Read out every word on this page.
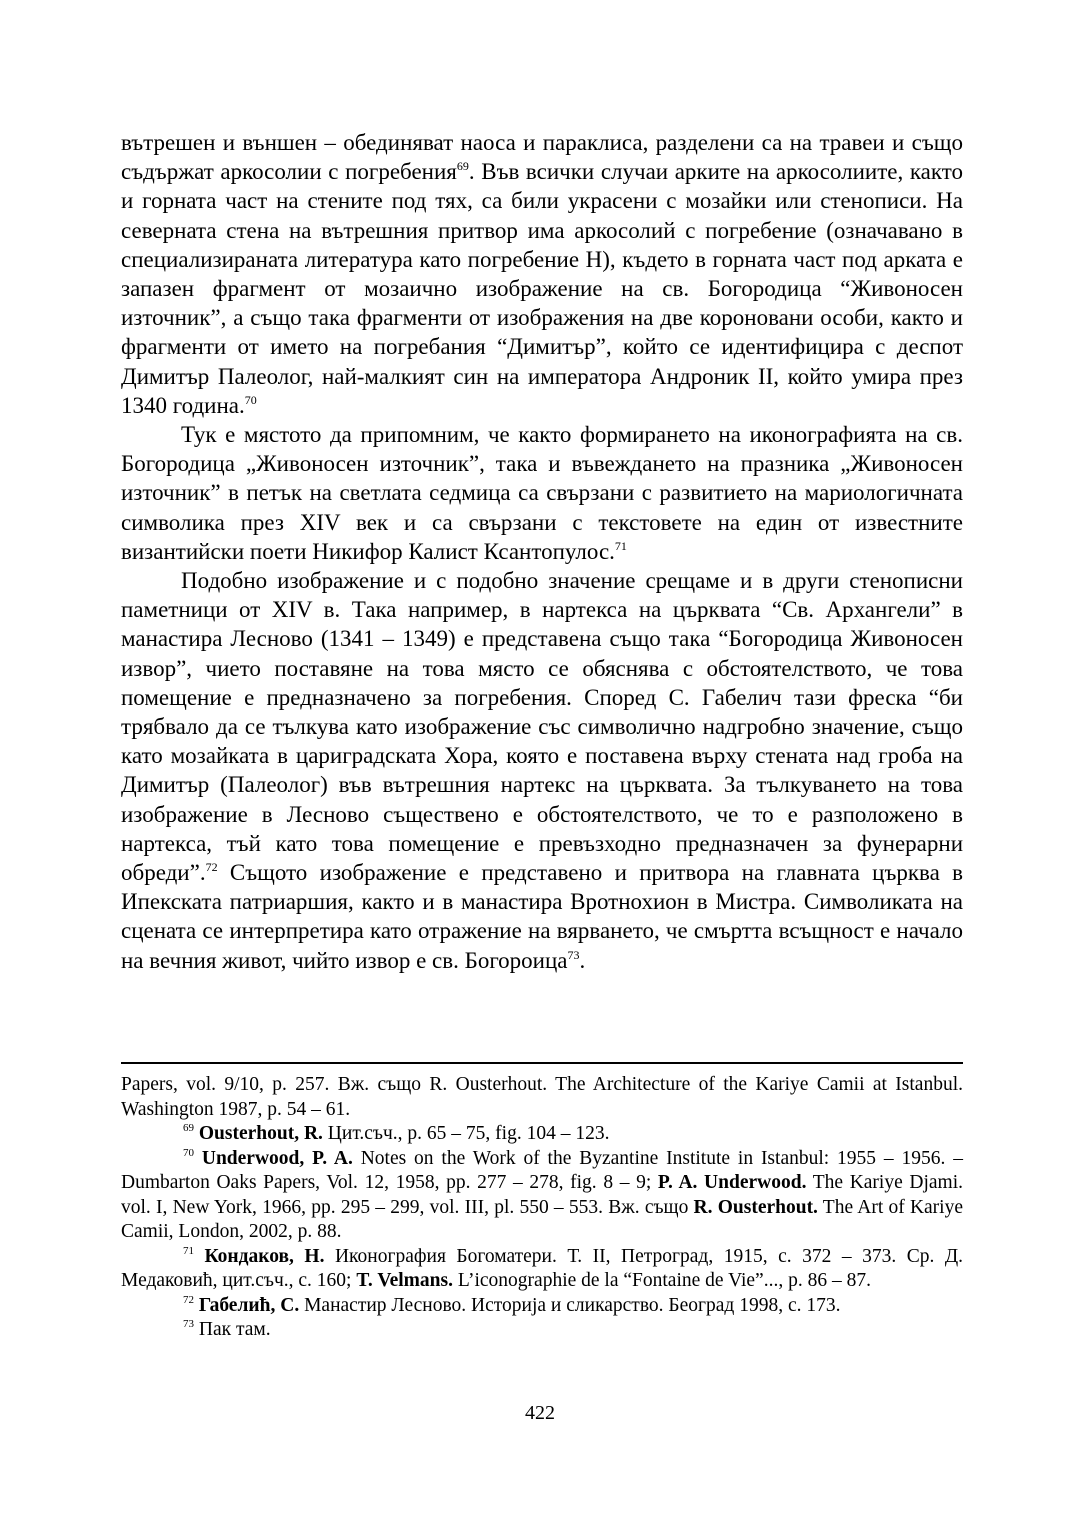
вътрешен и външен – обединяват наоса и параклиса, разделени са на травеи и също съдържат аркосолии с погребения$^{69}$. Във всички случаи арките на аркосолиите, както и горната част на стените под тях, са били украсени с мозайки или стенописи. На северната стена на вътрешния притвор има аркосолий с погребение (означавано в специализираната литература като погребение Н), където в горната част под арката е запазен фрагмент от мозаично изображение на св. Богородица “Живоносен източник”, а също така фрагменти от изображения на две короновани особи, както и фрагменти от името на погребания “Димитър”, който се идентифицира с деспот Димитър Палеолог, най-малкият син на императора Андроник II, който умира през 1340 година.$^{70}$

Тук е мястото да припомним, че както формирането на иконографията на св. Богородица „Живоносен източник”, така и въвеждането на празника „Живоносен източник” в петък на светлата седмица са свързани с развитието на мариологичната символика през XIV век и са свързани с текстовете на един от известните византийски поети Никифор Калист Ксантопулос.$^{71}$

Подобно изображение и с подобно значение срещаме и в други стенописни паметници от XIV в. Така например, в нартекса на църквата “Св. Архангели” в манастира Лесново (1341 – 1349) е представена също така “Богородица Живоносен извор”, чието поставяне на това място се обяснява с обстоятелството, че това помещение е предназначено за погребения. Според С. Габелич тази фреска “би трябвало да се тълкува като изображение със символично надгробно значение, също като мозайката в цариградската Хора, която е поставена върху стената над гроба на Димитър (Палеолог) във вътрешния нартекс на църквата. За тълкуването на това изображение в Лесново съществено е обстоятелството, че то е разположено в нартекса, тъй като това помещение е превъзходно предназначен за фунерарни обреди”.$^{72}$ Същото изображение е представено и притвора на главната църква в Ипекската патриаршия, както и в манастира Вротнохион в Мистра. Символиката на сцената се интерпретира като отражение на вярването, че смъртта всъщност е начало на вечния живот, чийто извор е св. Богороица$^{73}$.

Papers, vol. 9/10, p. 257. Вж. също R. Ousterhout. The Architecture of the Kariye Camii at Istanbul. Washington 1987, p. 54 – 61.

$^{69}$ Ousterhout, R. Цит.съч., p. 65 – 75, fig. 104 – 123.

$^{70}$ Underwood, P. A. Notes on the Work of the Byzantine Institute in Istanbul: 1955 – 1956. – Dumbarton Oaks Papers, Vol. 12, 1958, pp. 277 – 278, fig. 8 – 9; P. A. Underwood. The Kariye Djami. vol. I, New York, 1966, pp. 295 – 299, vol. III, pl. 550 – 553. Вж. също R. Ousterhout. The Art of Kariye Camii, London, 2002, p. 88.

$^{71}$ Кондаков, Н. Иконография Богоматери. Т. II, Петроград, 1915, с. 372 – 373. Ср. Д. Медаковић, цит.съч., с. 160; T. Velmans. L’iconographie de la “Fontaine de Vie”..., p. 86 – 87.

$^{72}$ Габелић, С. Манастир Лесново. Историја и сликарство. Београд 1998, с. 173.

$^{73}$ Пак там.

422
